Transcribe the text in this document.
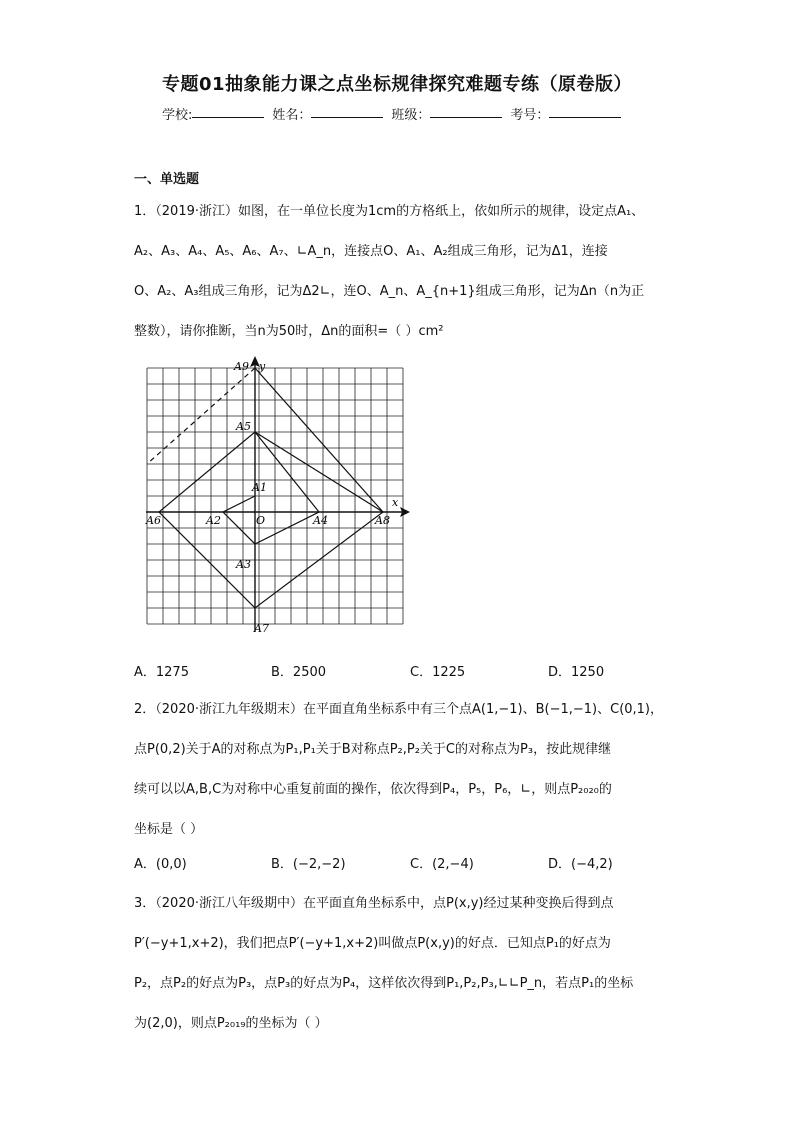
专题01抽象能力课之点坐标规律探究难题专练（原卷版）
学校:	姓名：	班级：	考号：
一、单选题
1．（2019·浙江）如图，在一单位长度为1cm的方格纸上，依如所示的规律，设定点A₁、
A₂、A₃、A₄、A₅、A₆、A₇、∟A_n，连接点O、A₁、A₂组成三角形，记为Δ1，连接
O、A₂、A₃组成三角形，记为Δ2∟，连O、A_n、A_{n+1}组成三角形，记为Δn（n为正
整数），请你推断，当n为50时，Δn的面积=（ ）cm²
A9 y
A5
A1
x
A6	A2	O	A4	A8
A3
A7
A．1275	B．2500	C．1225	D．1250
2．（2020·浙江九年级期末）在平面直角坐标系中有三个点A(1,−1)、B(−1,−1)、C(0,1)，
点P(0,2)关于A的对称点为P₁,P₁关于B对称点P₂,P₂关于C的对称点为P₃，按此规律继
续可以以A,B,C为对称中心重复前面的操作，依次得到P₄，P₅，P₆，∟，则点P₂₀₂₀的
坐标是（ ）
A．(0,0)	B．(−2,−2)	C．(2,−4)	D．(−4,2)
3．（2020·浙江八年级期中）在平面直角坐标系中，点P(x,y)经过某种变换后得到点
P′(−y+1,x+2)，我们把点P′(−y+1,x+2)叫做点P(x,y)的好点．已知点P₁的好点为
P₂，点P₂的好点为P₃，点P₃的好点为P₄，这样依次得到P₁,P₂,P₃,∟∟P_n，若点P₁的坐标
为(2,0)，则点P₂₀₁₉的坐标为（ ）
